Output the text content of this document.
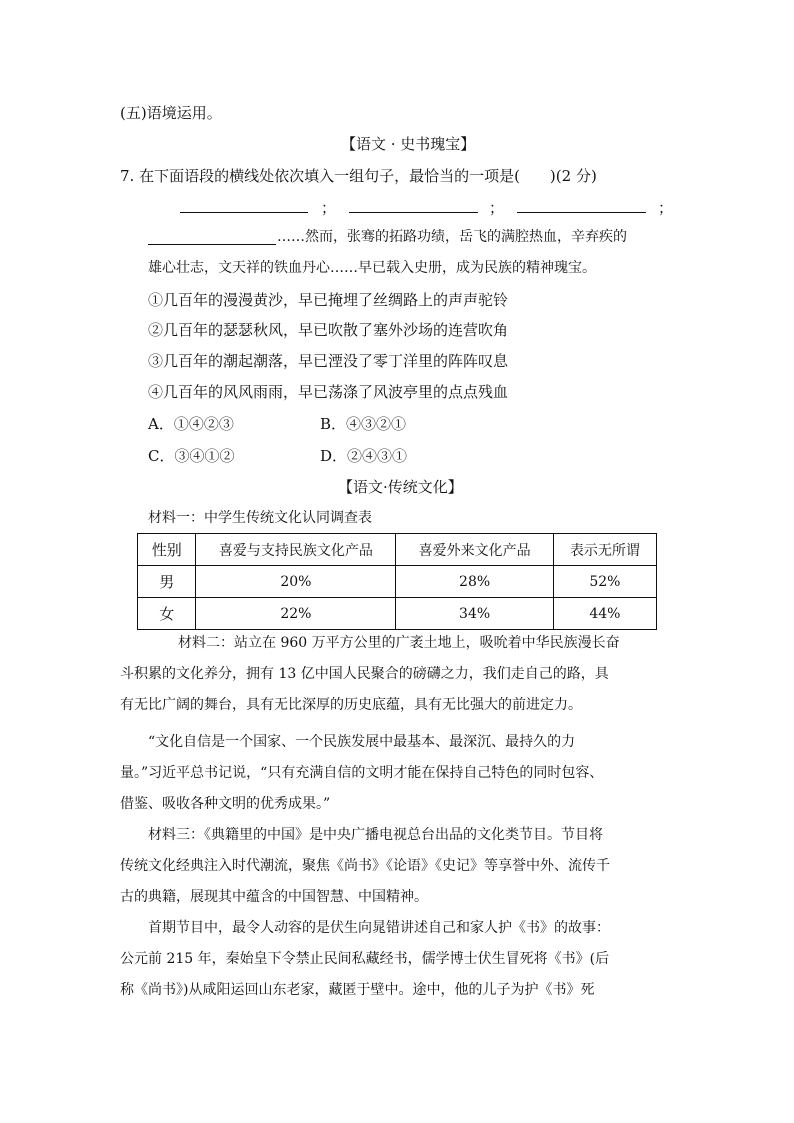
(五)语境运用。
【语文 · 史书瑰宝】
7. 在下面语段的横线处依次填入一组句子，最恰当的一项是(　　)(2 分)
；	；	；
……然而，张骞的拓路功绩，岳飞的满腔热血，辛弃疾的
雄心壮志，文天祥的铁血丹心……早已载入史册，成为民族的精神瑰宝。
①几百年的漫漫黄沙，早已掩埋了丝绸路上的声声驼铃
②几百年的瑟瑟秋风，早已吹散了塞外沙场的连营吹角
③几百年的潮起潮落，早已湮没了零丁洋里的阵阵叹息
④几百年的风风雨雨，早已荡涤了风波亭里的点点残血
A．①④②③	B．④③②①
C．③④①②	D．②④③①
【语文·传统文化】
材料一：中学生传统文化认同调查表
性别	喜爱与支持民族文化产品	喜爱外来文化产品	表示无所谓
男	20%	28%	52%
女	22%	34%	44%
材料二：站立在 960 万平方公里的广袤土地上，吸吮着中华民族漫长奋
斗积累的文化养分，拥有 13 亿中国人民聚合的磅礴之力，我们走自己的路，具
有无比广阔的舞台，具有无比深厚的历史底蕴，具有无比强大的前进定力。
“文化自信是一个国家、一个民族发展中最基本、最深沉、最持久的力
量。”习近平总书记说，“只有充满自信的文明才能在保持自己特色的同时包容、
借鉴、吸收各种文明的优秀成果。”
材料三：《典籍里的中国》是中央广播电视总台出品的文化类节目。节目将
传统文化经典注入时代潮流，聚焦《尚书》《论语》《史记》等享誉中外、流传千
古的典籍，展现其中蕴含的中国智慧、中国精神。
首期节目中，最令人动容的是伏生向晁错讲述自己和家人护《书》的故事：
公元前 215 年，秦始皇下令禁止民间私藏经书，儒学博士伏生冒死将《书》(后
称《尚书》)从咸阳运回山东老家，藏匿于壁中。途中，他的儿子为护《书》死
